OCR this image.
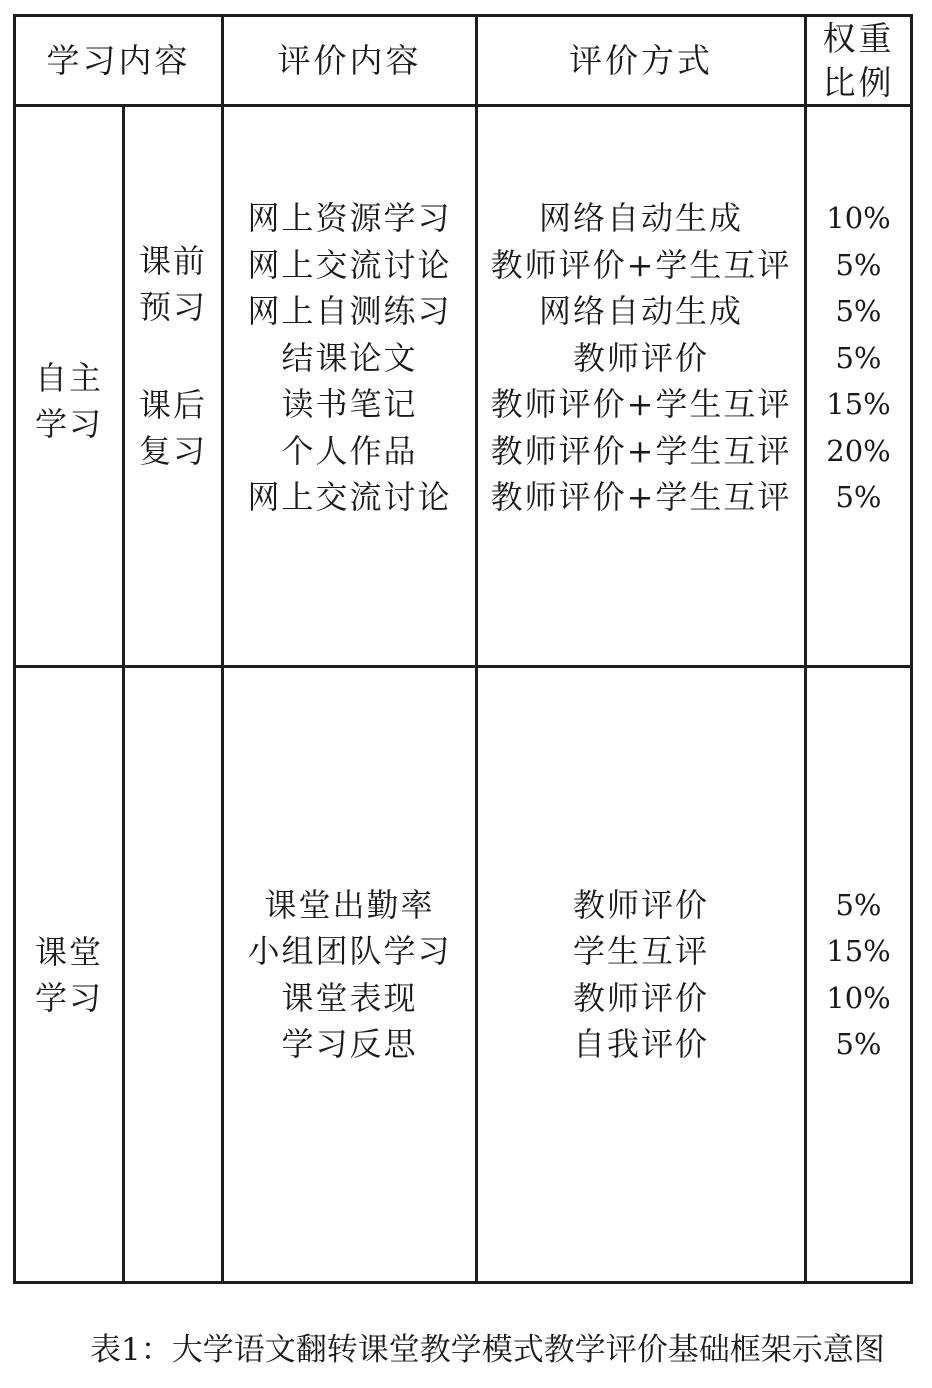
学习内容	评价内容	评价方式
权重
比例
自主
学习
课前
预习
课后
复习
网上资源学习
网上交流讨论
网上自测练习
结课论文
读书笔记
个人作品
网上交流讨论
网络自动生成
教师评价+学生互评
网络自动生成
教师评价
教师评价+学生互评
教师评价+学生互评
教师评价+学生互评
10%
5%
5%
5%
15%
20%
5%
课堂
学习
课堂出勤率
小组团队学习
课堂表现
学习反思
教师评价
学生互评
教师评价
自我评价
5%
15%
10%
5%
表1：大学语文翻转课堂教学模式教学评价基础框架示意图
